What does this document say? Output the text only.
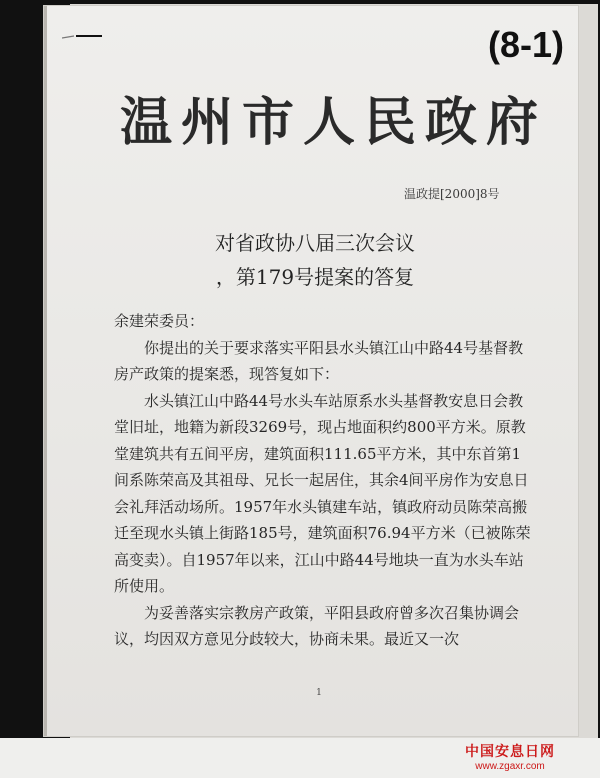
(8-1)
温州市人民政府
温政提[2000]8号
对省政协八届三次会议
，第179号提案的答复

余建荣委员：

你提出的关于要求落实平阳县水头镇江山中路44号基督教房产政策的提案悉，现答复如下：

水头镇江山中路44号水头车站原系水头基督教安息日会教堂旧址，地籍为新段3269号，现占地面积约800平方米。原教堂建筑共有五间平房，建筑面积111.65平方米，其中东首第1间系陈荣高及其祖母、兄长一起居住，其余4间平房作为安息日会礼拜活动场所。1957年水头镇建车站，镇政府动员陈荣高搬迁至现水头镇上街路185号，建筑面积76.94平方米（已被陈荣高变卖）。自1957年以来，江山中路44号地块一直为水头车站所使用。

为妥善落实宗教房产政策，平阳县政府曾多次召集协调会议，均因双方意见分歧较大，协商未果。最近又一次

1
中国安息日网
www.zgaxr.com
